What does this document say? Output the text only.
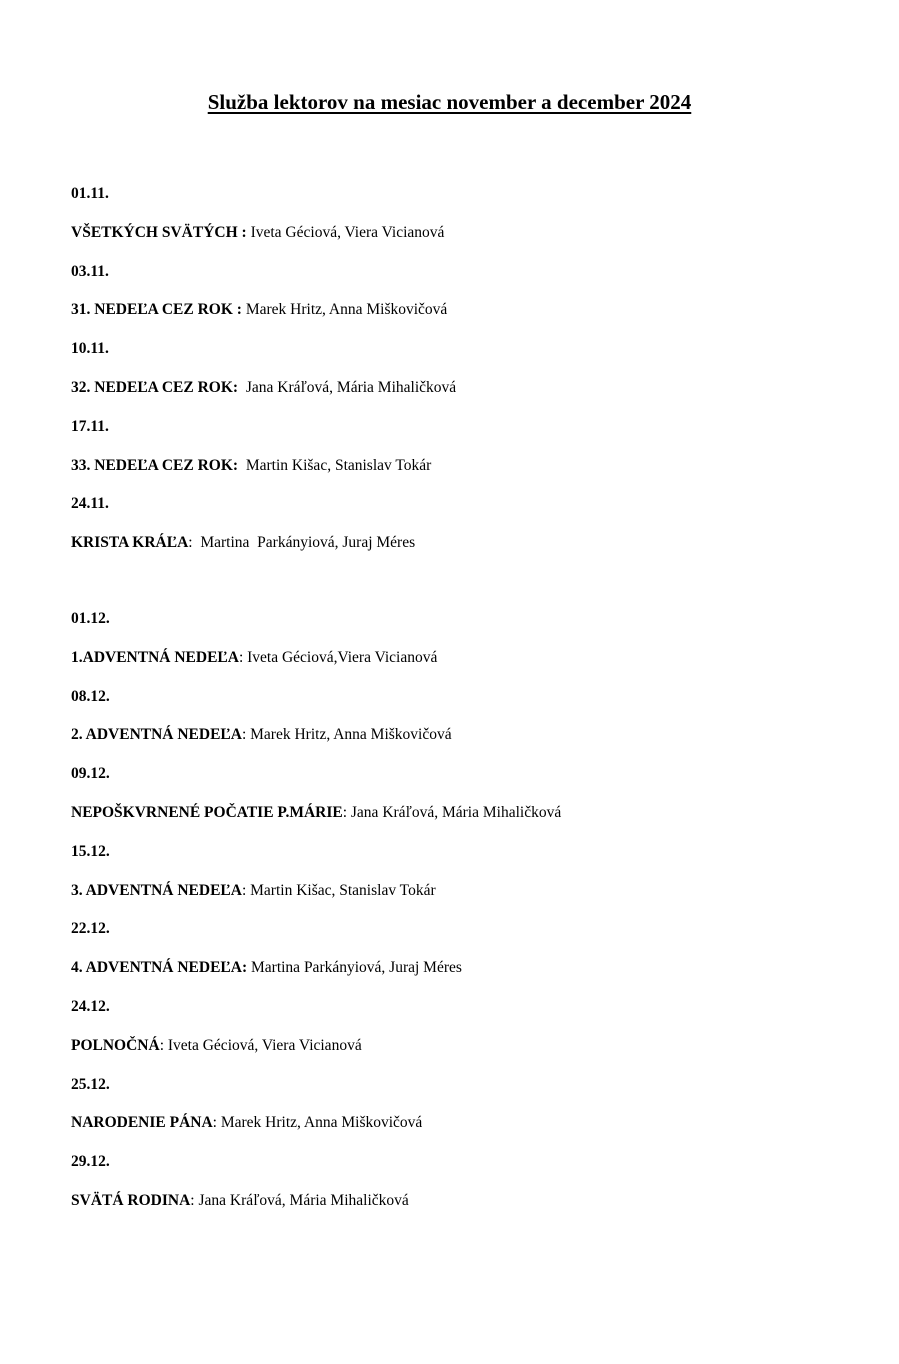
Služba lektorov na mesiac november a december 2024
01.11.
VŠETKÝCH SVÄTÝCH : Iveta Géciová, Viera Vicianová
03.11.
31. NEDEĽA CEZ ROK : Marek Hritz, Anna Miškovičová
10.11.
32. NEDEĽA CEZ ROK:  Jana Kráľová, Mária Mihaličková
17.11.
33. NEDEĽA CEZ ROK:  Martin Kišac, Stanislav Tokár
24.11.
KRISTA KRÁĽA:  Martina  Parkányiová, Juraj Méres
01.12.
1.ADVENTNÁ NEDEĽA: Iveta Géciová,Viera Vicianová
08.12.
2. ADVENTNÁ NEDEĽA: Marek Hritz, Anna Miškovičová
09.12.
NEPOŠKVRNENÉ POČATIE P.MÁRIE: Jana Kráľová, Mária Mihaličková
15.12.
3. ADVENTNÁ NEDEĽA: Martin Kišac, Stanislav Tokár
22.12.
4. ADVENTNÁ NEDEĽA: Martina Parkányiová, Juraj Méres
24.12.
POLNOČNÁ: Iveta Géciová, Viera Vicianová
25.12.
NARODENIE PÁNA: Marek Hritz, Anna Miškovičová
29.12.
SVÄTÁ RODINA: Jana Kráľová, Mária Mihaličková
